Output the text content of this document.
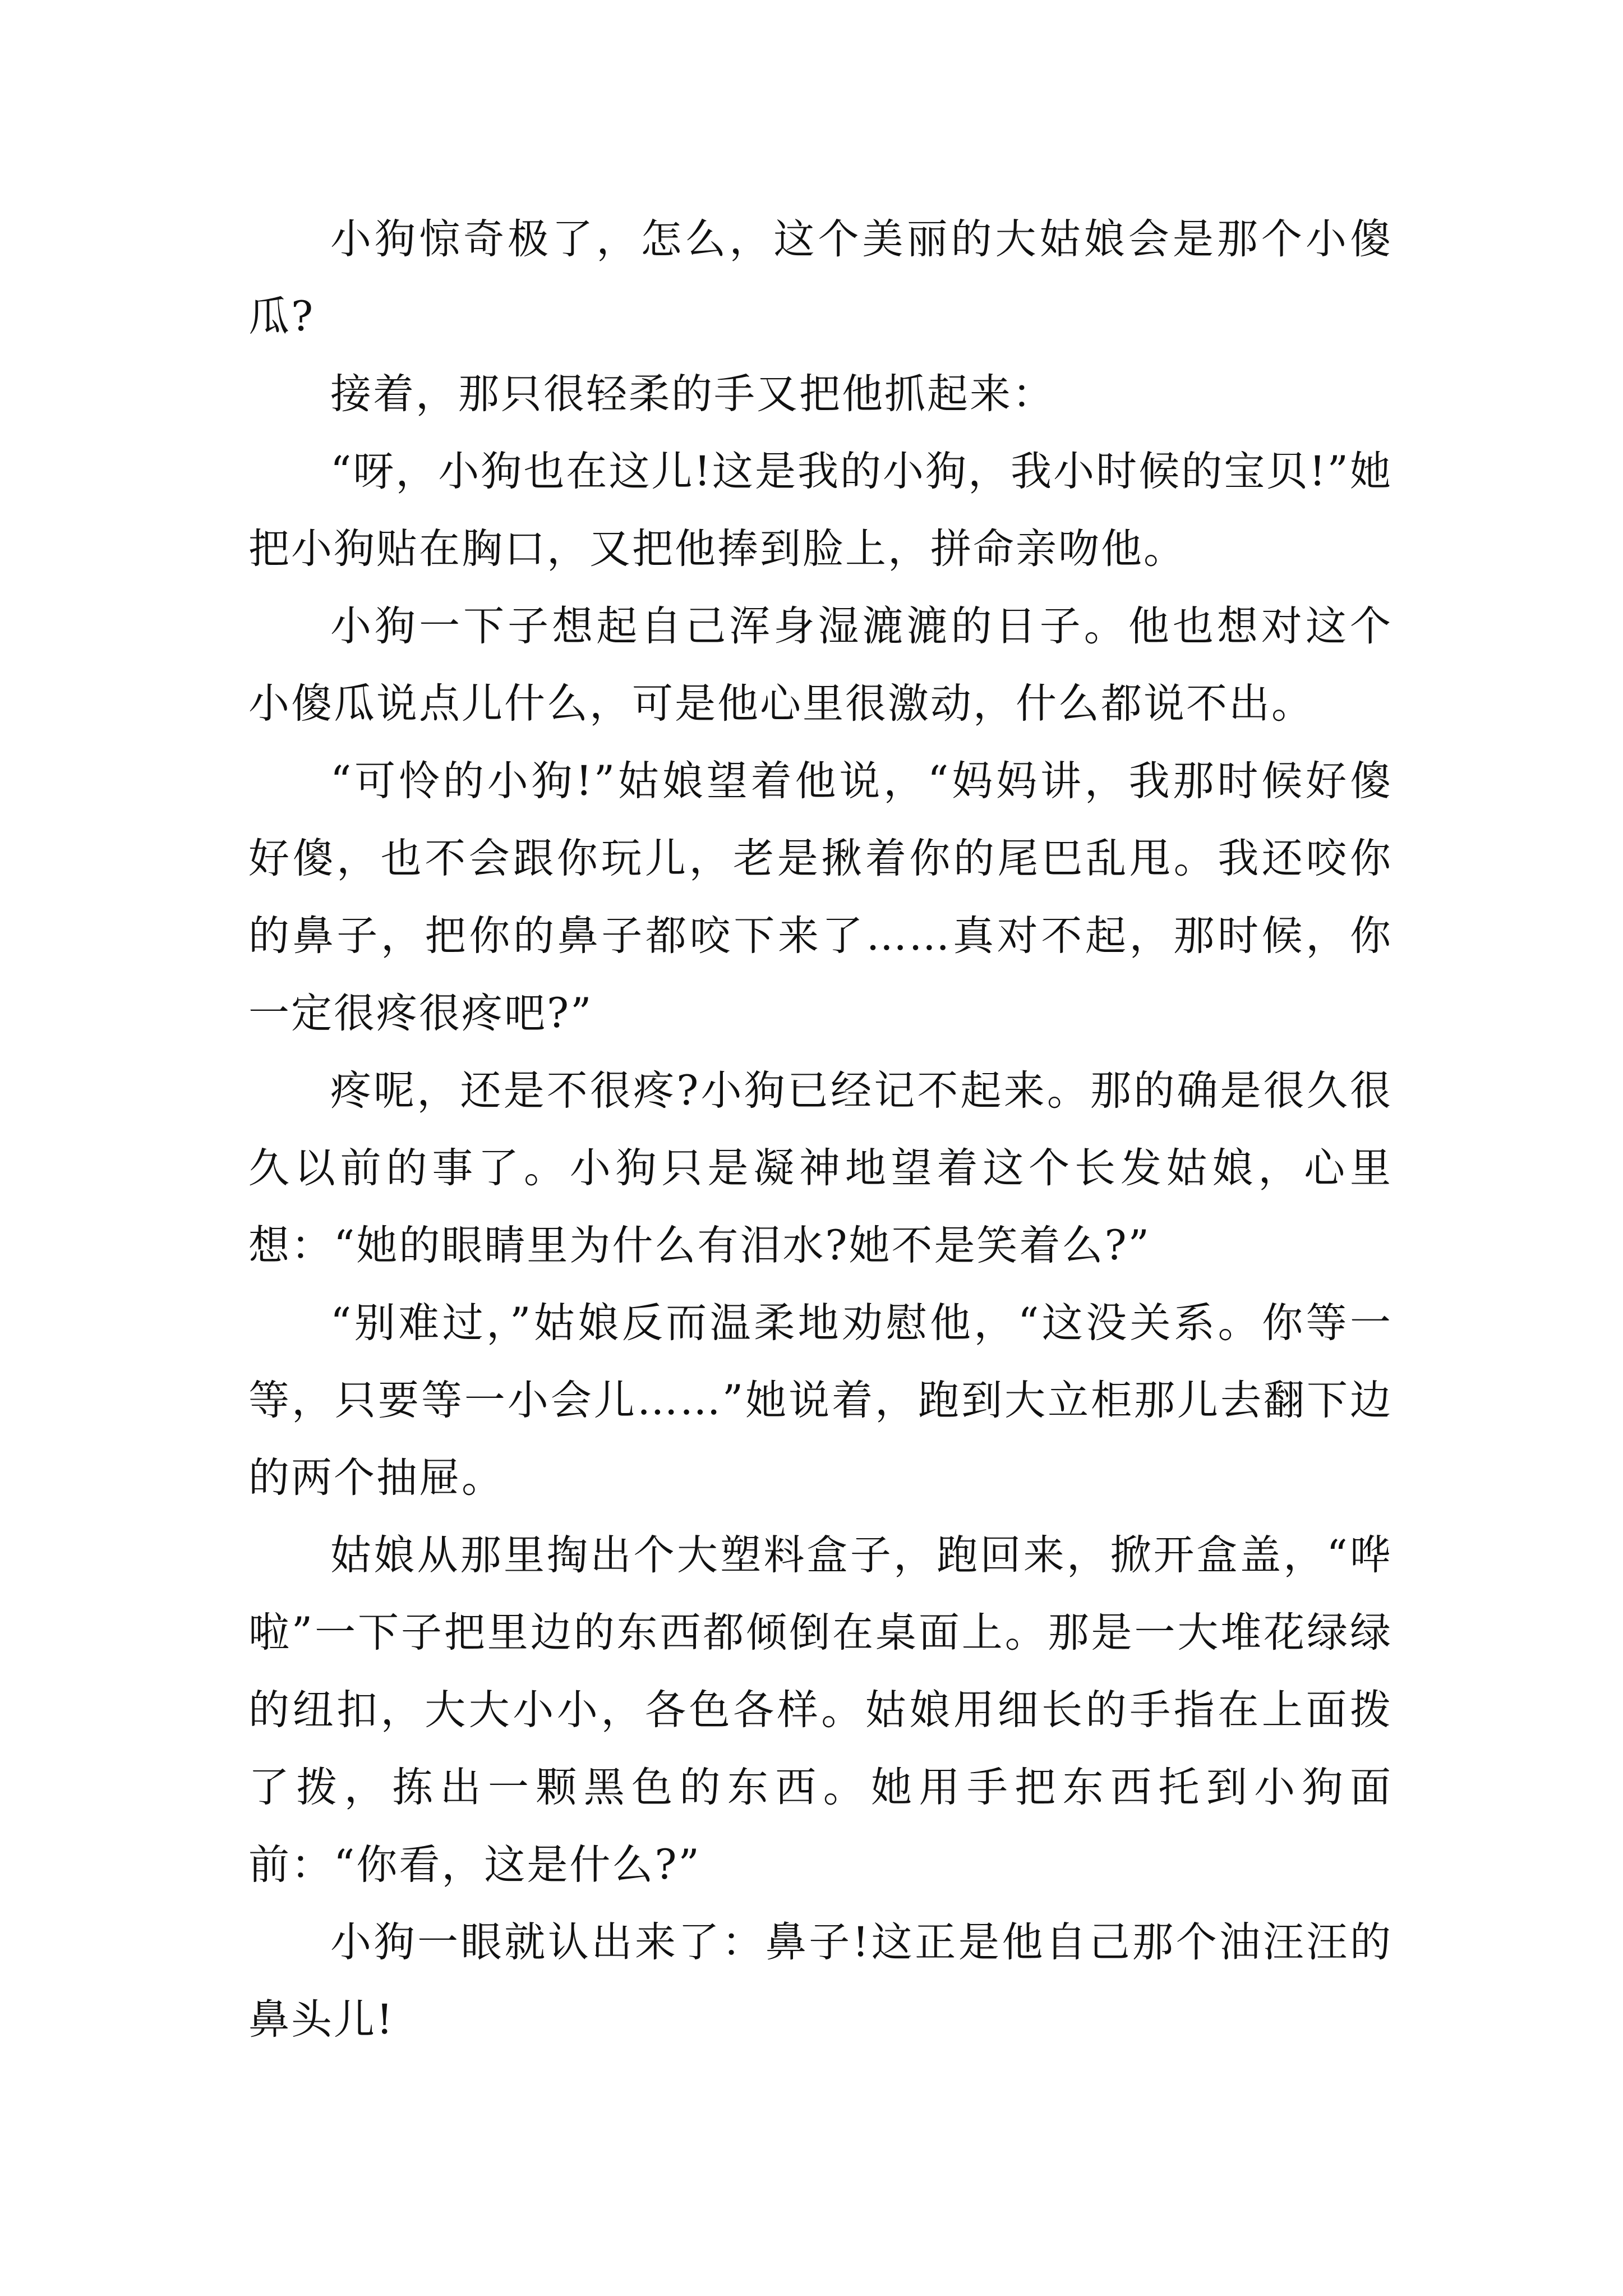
小狗惊奇极了，怎么，这个美丽的大姑娘会是那个小傻瓜?

接着，那只很轻柔的手又把他抓起来：

“呀，小狗也在这儿!这是我的小狗，我小时候的宝贝!”她把小狗贴在胸口，又把他捧到脸上，拼命亲吻他。

小狗一下子想起自己浑身湿漉漉的日子。他也想对这个小傻瓜说点儿什么，可是他心里很激动，什么都说不出。

“可怜的小狗!”姑娘望着他说，“妈妈讲，我那时候好傻好傻，也不会跟你玩儿，老是揪着你的尾巴乱甩。我还咬你的鼻子，把你的鼻子都咬下来了……真对不起，那时候，你一定很疼很疼吧?”

疼呢，还是不很疼?小狗已经记不起来。那的确是很久很久以前的事了。小狗只是凝神地望着这个长发姑娘，心里想：“她的眼睛里为什么有泪水?她不是笑着么?”

“别难过，”姑娘反而温柔地劝慰他，“这没关系。你等一等，只要等一小会儿……”她说着，跑到大立柜那儿去翻下边的两个抽屉。

姑娘从那里掏出个大塑料盒子，跑回来，掀开盒盖，“哗啦”一下子把里边的东西都倾倒在桌面上。那是一大堆花绿绿的纽扣，大大小小，各色各样。姑娘用细长的手指在上面拨了拨，拣出一颗黑色的东西。她用手把东西托到小狗面前：“你看，这是什么?”

小狗一眼就认出来了：鼻子!这正是他自己那个油汪汪的鼻头儿!
